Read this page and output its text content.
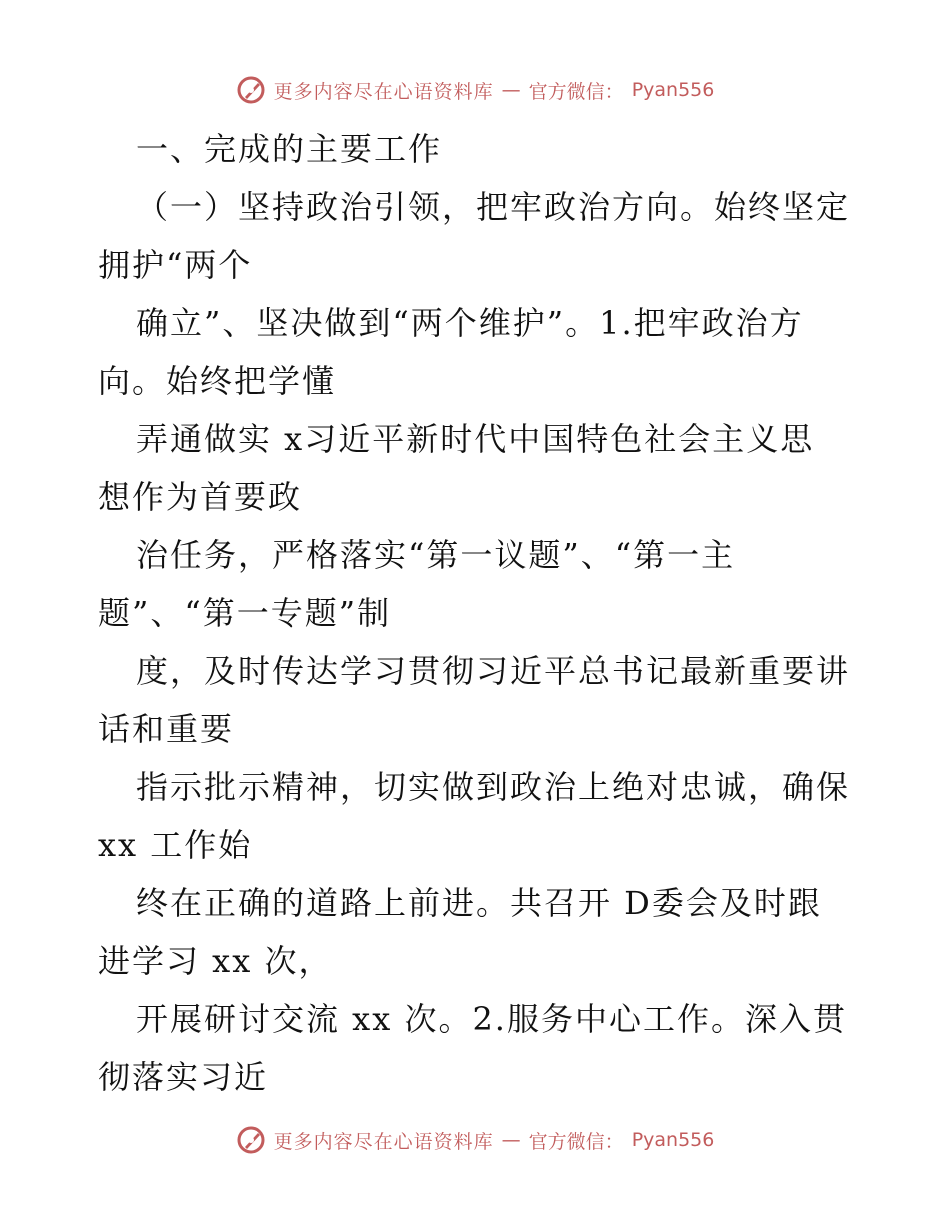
更多内容尽在心语资料库 — 官方微信： Pyan556
一、完成的主要工作
（一）坚持政治引领，把牢政治方向。始终坚定
拥护“两个
确立”、坚决做到“两个维护”。1.把牢政治方
向。始终把学懂
弄通做实 x习近平新时代中国特色社会主义思
想作为首要政
治任务，严格落实“第一议题”、“第一主
题”、“第一专题”制
度，及时传达学习贯彻习近平总书记最新重要讲
话和重要
指示批示精神，切实做到政治上绝对忠诚，确保
xx 工作始
终在正确的道路上前进。共召开 D委会及时跟
进学习 xx 次，
开展研讨交流 xx 次。2.服务中心工作。深入贯
彻落实习近
更多内容尽在心语资料库 — 官方微信： Pyan556
